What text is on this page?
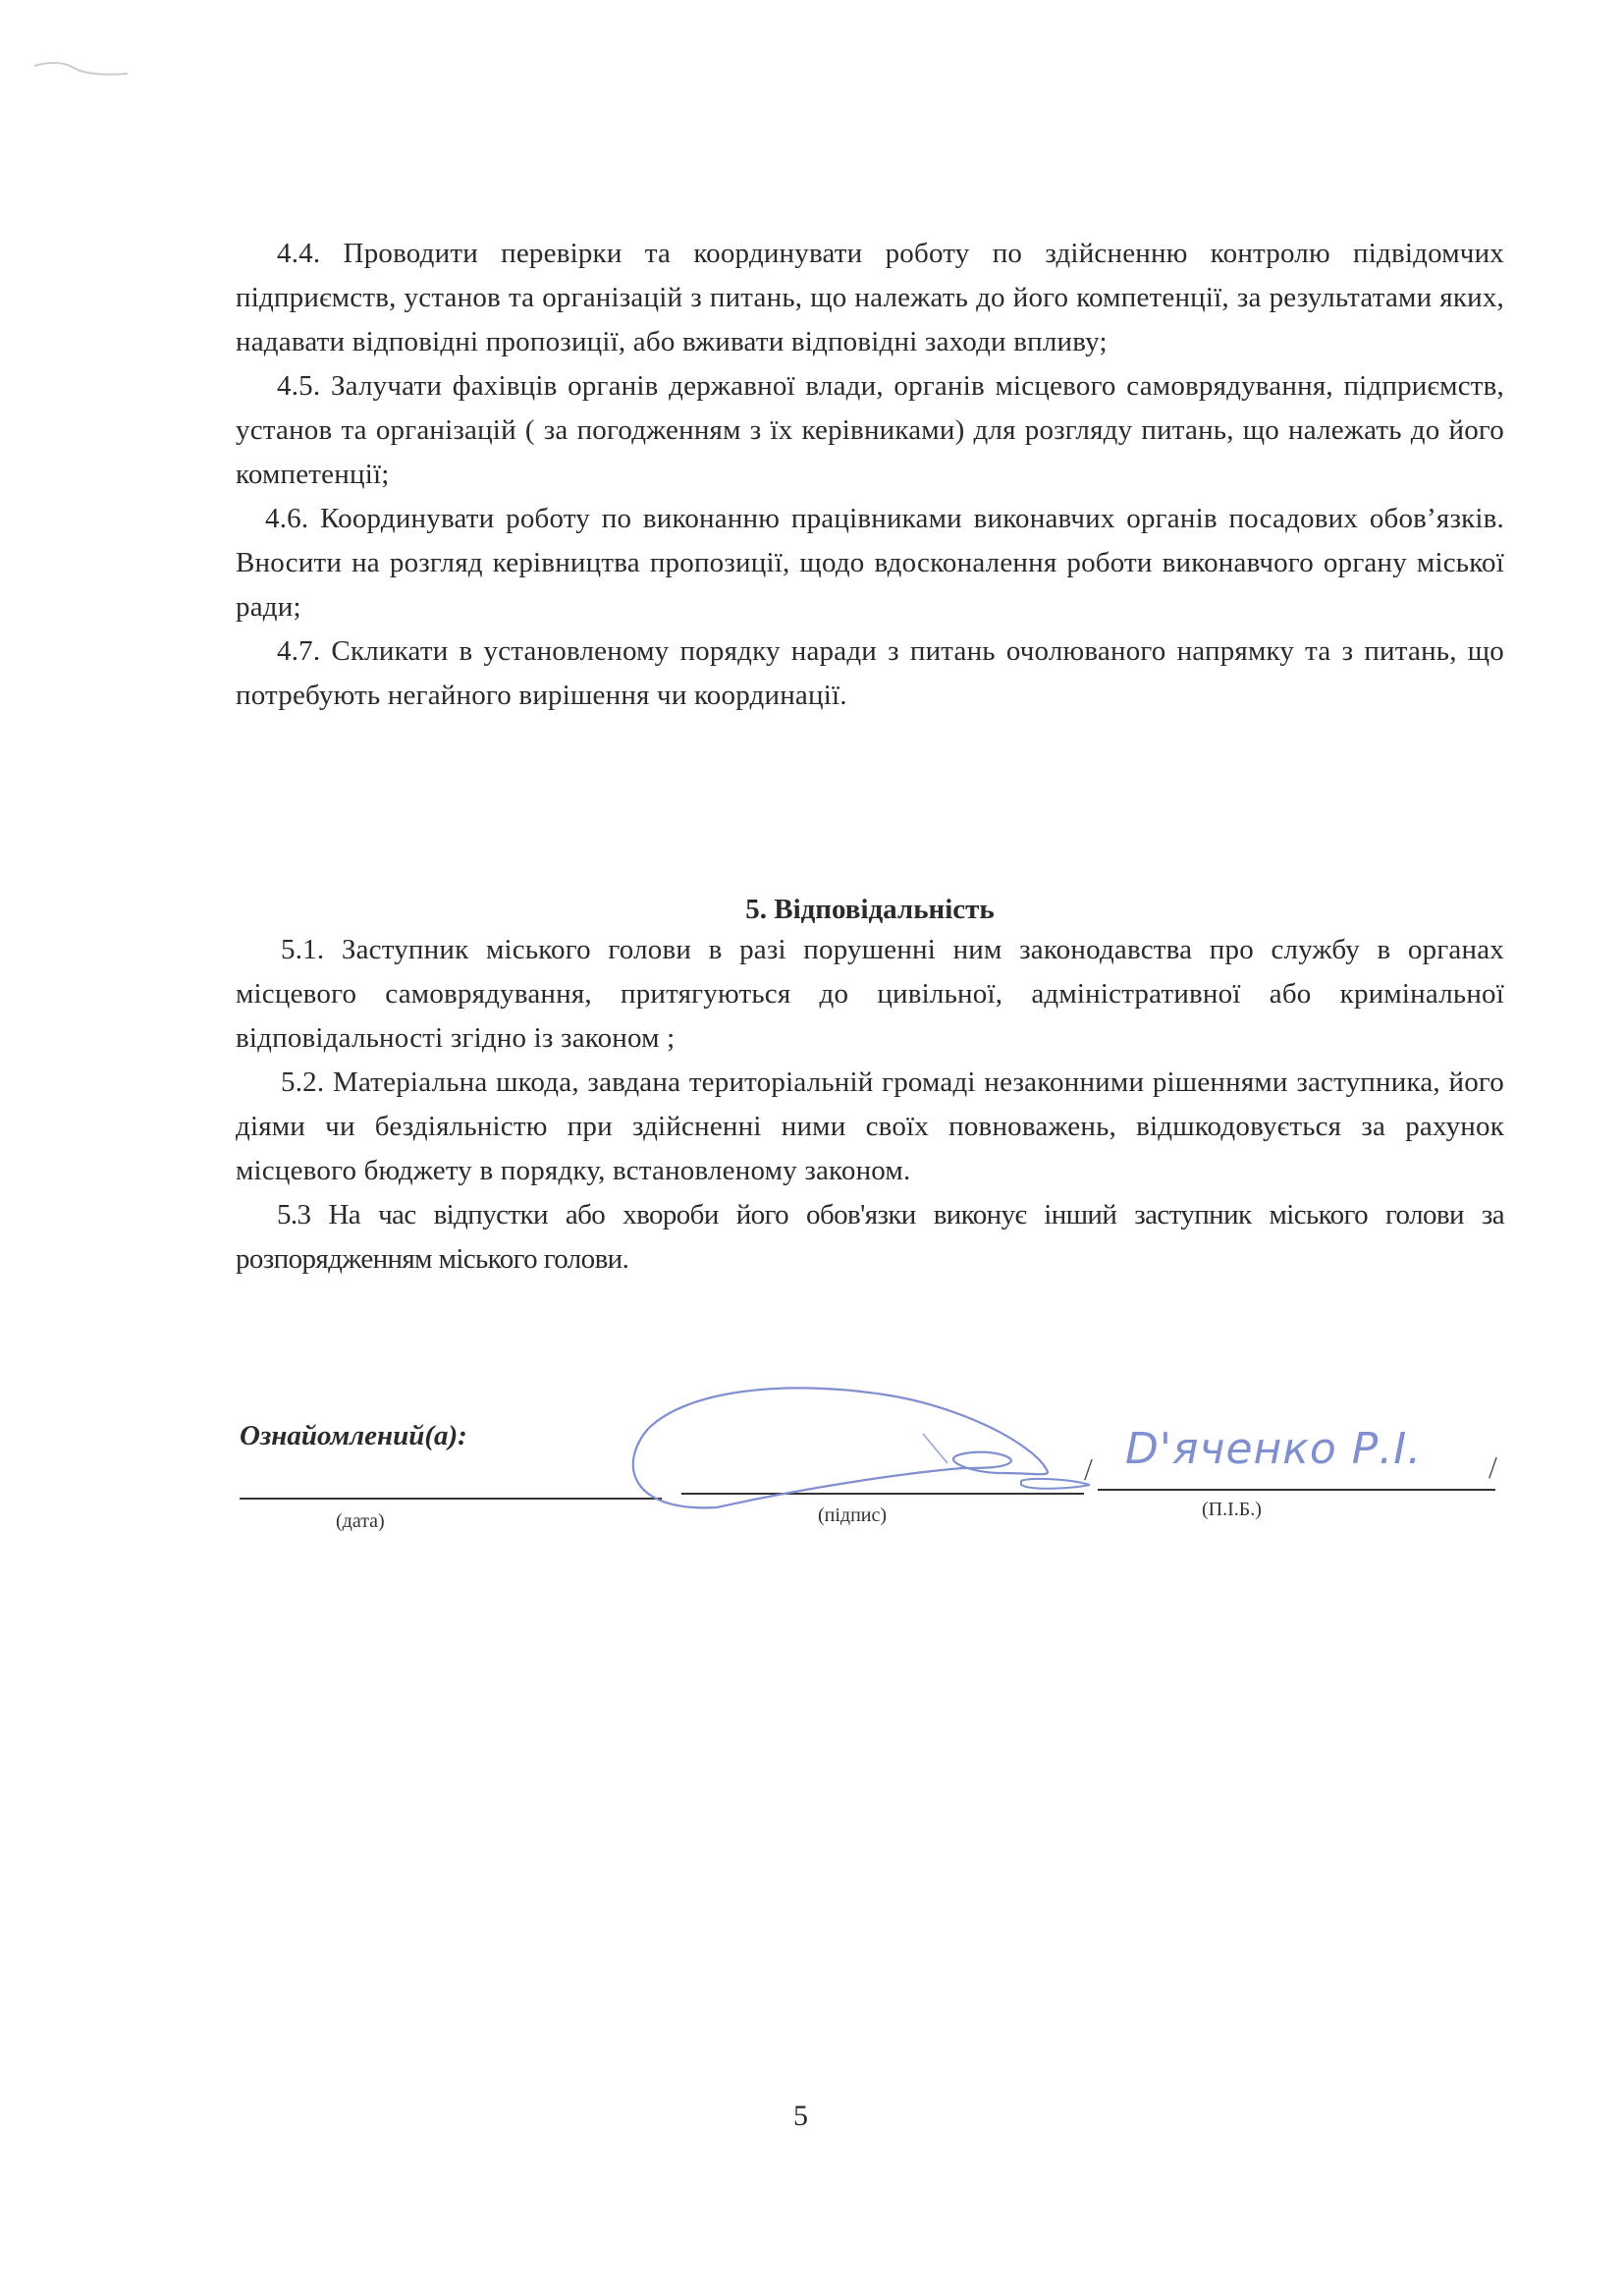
4.4. Проводити перевірки та координувати роботу по здійсненню контролю підвідомчих підприємств, установ та організацій з питань, що належать до його компетенції, за результатами яких, надавати відповідні пропозиції, або вживати відповідні заходи впливу;

4.5. Залучати фахівців органів державної влади, органів місцевого самоврядування, підприємств, установ та організацій ( за погодженням з їх керівниками) для розгляду питань, що належать до його компетенції;

4.6. Координувати роботу по виконанню працівниками виконавчих органів посадових обов’язків. Вносити на розгляд керівництва пропозиції, щодо вдосконалення роботи виконавчого органу міської ради;

4.7. Скликати в установленому порядку наради з питань очолюваного напрямку та з питань, що потребують негайного вирішення чи координації.

5. Відповідальність

5.1. Заступник міського голови в разі порушенні ним законодавства про службу в органах місцевого самоврядування, притягуються до цивільної, адміністративної або кримінальної відповідальності згідно із законом ;

5.2. Матеріальна шкода, завдана територіальній громаді незаконними рішеннями заступника, його діями чи бездіяльністю при здійсненні ними своїх повноважень, відшкодовується за рахунок місцевого бюджету в порядку, встановленому законом.

5.3 На час відпустки або хвороби його обов'язки виконує інший заступник міського голови за розпорядженням міського голови.

Ознайомлений(а):
/	/
(дата)	(підпис)	(П.І.Б.)
D'ячeнко Р.І.
5
